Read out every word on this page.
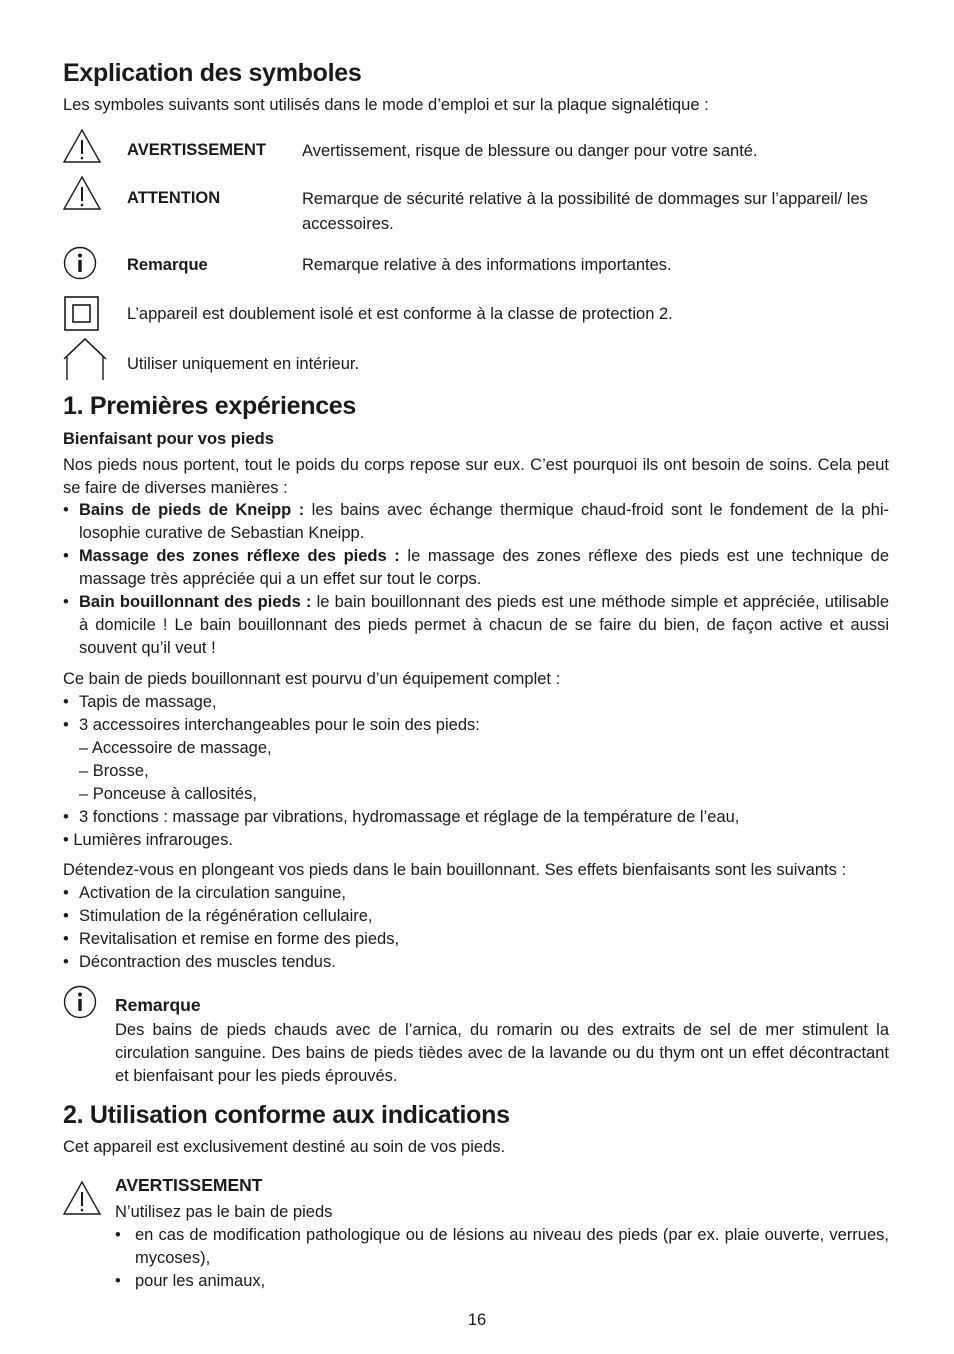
Explication des symboles
Les symboles suivants sont utilisés dans le mode d’emploi et sur la plaque signalétique :
AVERTISSEMENT Avertissement, risque de blessure ou danger pour votre santé.
ATTENTION	Remarque de sécurité relative à la possibilité de dommages sur l’appareil/ les accessoires.
Remarque	Remarque relative à des informations importantes.
L’appareil est doublement isolé et est conforme à la classe de protection 2.
Utiliser uniquement en intérieur.
1. Premières expériences
Bienfaisant pour vos pieds
Nos pieds nous portent, tout le poids du corps repose sur eux. C’est pourquoi ils ont besoin de soins. Cela peut se faire de diverses manières :
• Bains de pieds de Kneipp : les bains avec échange thermique chaud-froid sont le fondement de la philosophie curative de Sebastian Kneipp.
• Massage des zones réflexe des pieds : le massage des zones réflexe des pieds est une technique de massage très appréciée qui a un effet sur tout le corps.
• Bain bouillonnant des pieds : le bain bouillonnant des pieds est une méthode simple et appréciée, utilisable à domicile ! Le bain bouillonnant des pieds permet à chacun de se faire du bien, de façon active et aussi souvent qu’il veut !
Ce bain de pieds bouillonnant est pourvu d’un équipement complet :
• Tapis de massage,
• 3 accessoires interchangeables pour le soin des pieds:
– Accessoire de massage,
– Brosse,
– Ponceuse à callosités,
• 3 fonctions : massage par vibrations, hydromassage et réglage de la température de l’eau,
• Lumières infrarouges.
Détendez-vous en plongeant vos pieds dans le bain bouillonnant. Ses effets bienfaisants sont les suivants :
• Activation de la circulation sanguine,
• Stimulation de la régénération cellulaire,
• Revitalisation et remise en forme des pieds,
• Décontraction des muscles tendus.
Remarque
Des bains de pieds chauds avec de l’arnica, du romarin ou des extraits de sel de mer stimulent la circulation sanguine. Des bains de pieds tièdes avec de la lavande ou du thym ont un effet décontractant et bienfaisant pour les pieds éprouvés.
2. Utilisation conforme aux indications
Cet appareil est exclusivement destiné au soin de vos pieds.
AVERTISSEMENT
N’utilisez pas le bain de pieds
• en cas de modification pathologique ou de lésions au niveau des pieds (par ex. plaie ouverte, verrues, mycoses),
• pour les animaux,
16
